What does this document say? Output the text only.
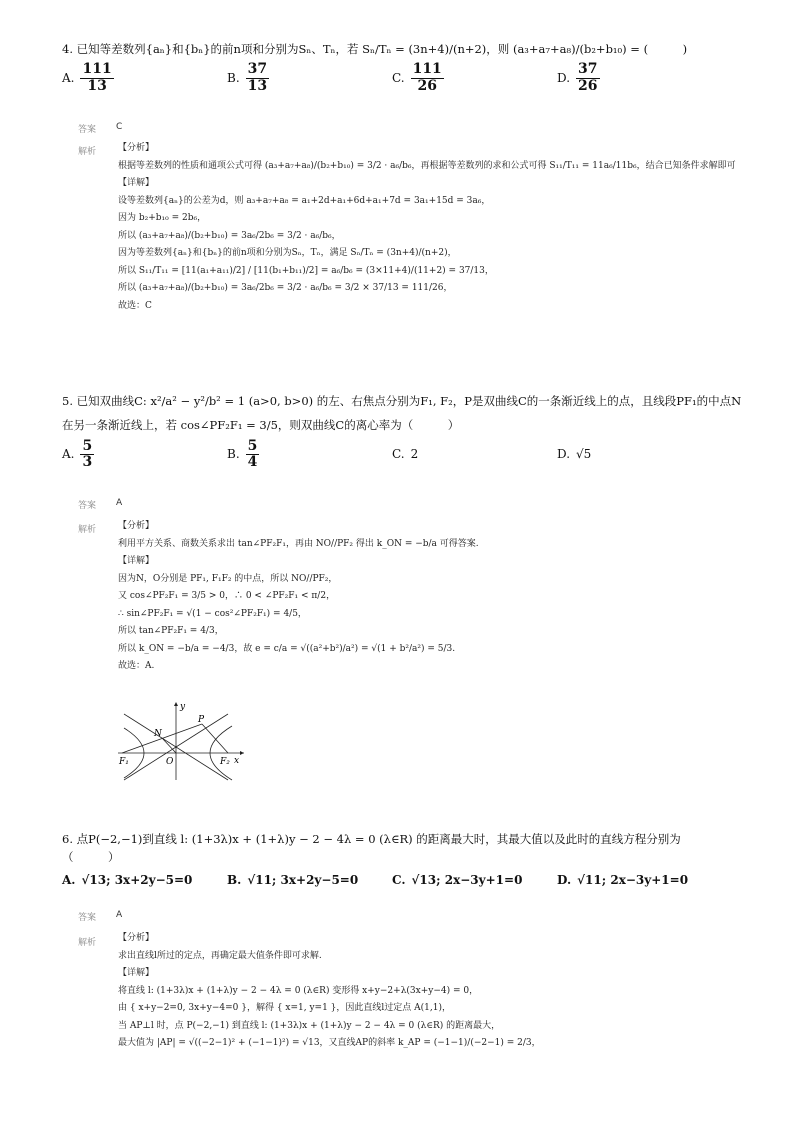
4. 已知等差数列{aₙ}和{bₙ}的前n项和分别为Sₙ、Tₙ，若 Sₙ/Tₙ = (3n+4)/(n+2)，则 (a₃+a₇+a₈)/(b₂+b₁₀) = (　　　)
A. $\frac{111}{13}$	B. $\frac{37}{13}$	C. $\frac{111}{26}$	D. $\frac{37}{26}$
答案 C
解析 【分析】
根据等差数列的性质和通项公式可得 (a₃+a₇+a₈)/(b₂+b₁₀) = 3/2 · a₆/b₆，再根据等差数列的求和公式可得 S₁₁/T₁₁ = 11a₆/11b₆，结合已知条件求解即可
【详解】
设等差数列{aₙ}的公差为d，则 a₃+a₇+a₈ = a₁+2d+a₁+6d+a₁+7d = 3a₁+15d = 3a₆，
因为 b₂+b₁₀ = 2b₆，
所以 (a₃+a₇+a₈)/(b₂+b₁₀) = 3a₆/2b₆ = 3/2 · a₆/b₆，
因为等差数列{aₙ}和{bₙ}的前n项和分别为Sₙ，Tₙ，满足 Sₙ/Tₙ = (3n+4)/(n+2)，
所以 S₁₁/T₁₁ = [11(a₁+a₁₁)/2] / [11(b₁+b₁₁)/2] = a₆/b₆ = (3×11+4)/(11+2) = 37/13，
所以 (a₃+a₇+a₈)/(b₂+b₁₀) = 3a₆/2b₆ = 3/2 · a₆/b₆ = 3/2 × 37/13 = 111/26，
故选：C
5. 已知双曲线C: x²/a² − y²/b² = 1 (a>0, b>0) 的左、右焦点分别为F₁, F₂，P是双曲线C的一条渐近线上的点，且线段PF₁的中点N
在另一条渐近线上，若 cos∠PF₂F₁ = 3/5，则双曲线C的离心率为（　　　）
A. $\frac{5}{3}$	B. $\frac{5}{4}$	C. 2	D. √5
答案 A
解析 【分析】
利用平方关系、商数关系求出 tan∠PF₂F₁，再由 NO//PF₂ 得出 k_ON = −b/a 可得答案.
【详解】
因为N，O分别是 PF₁, F₁F₂ 的中点，所以 NO//PF₂，
又 cos∠PF₂F₁ = 3/5 > 0，∴ 0 < ∠PF₂F₁ < π/2，
∴ sin∠PF₂F₁ = √(1 − cos²∠PF₂F₁) = 4/5，
所以 tan∠PF₂F₁ = 4/3，
所以 k_ON = −b/a = −4/3，故 e = c/a = √((a²+b²)/a²) = √(1 + b²/a²) = 5/3.
故选：A.
y
x
P
N
O
F₁	F₂
6. 点P(−2,−1)到直线 l: (1+3λ)x + (1+λ)y − 2 − 4λ = 0 (λ∈R) 的距离最大时，其最大值以及此时的直线方程分别为
（　　　）
A. √13; 3x+2y−5=0	B. √11; 3x+2y−5=0	C. √13; 2x−3y+1=0	D. √11; 2x−3y+1=0
答案 A
解析 【分析】
求出直线l所过的定点，再确定最大值条件即可求解.
【详解】
将直线 l: (1+3λ)x + (1+λ)y − 2 − 4λ = 0 (λ∈R) 变形得 x+y−2+λ(3x+y−4) = 0，
由 { x+y−2=0, 3x+y−4=0 }，解得 { x=1, y=1 }，因此直线l过定点 A(1,1)，
当 AP⊥l 时，点 P(−2,−1) 到直线 l: (1+3λ)x + (1+λ)y − 2 − 4λ = 0 (λ∈R) 的距离最大，
最大值为 |AP| = √((−2−1)² + (−1−1)²) = √13，又直线AP的斜率 k_AP = (−1−1)/(−2−1) = 2/3，
